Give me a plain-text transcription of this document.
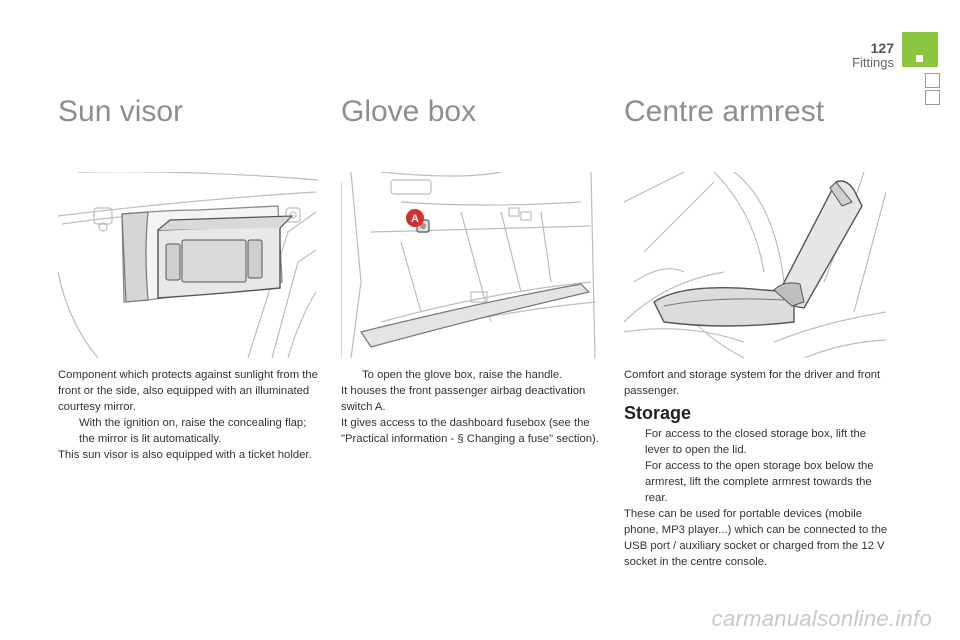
127
Fittings
Sun visor	Glove box	Centre armrest
A

Component which protects against sunlight from the front or the side, also equipped with an illuminated courtesy mirror.

With the ignition on, raise the concealing flap; the mirror is lit automatically.

This sun visor is also equipped with a ticket holder.

To open the glove box, raise the handle.

It houses the front passenger airbag deactivation switch A.

It gives access to the dashboard fusebox (see the "Practical information - § Changing a fuse" section).

Comfort and storage system for the driver and front passenger.

Storage

For access to the closed storage box, lift the lever to open the lid.

For access to the open storage box below the armrest, lift the complete armrest towards the rear.

These can be used for portable devices (mobile phone, MP3 player...) which can be connected to the USB port / auxiliary socket or charged from the 12 V socket in the centre console.

carmanualsonline.info
